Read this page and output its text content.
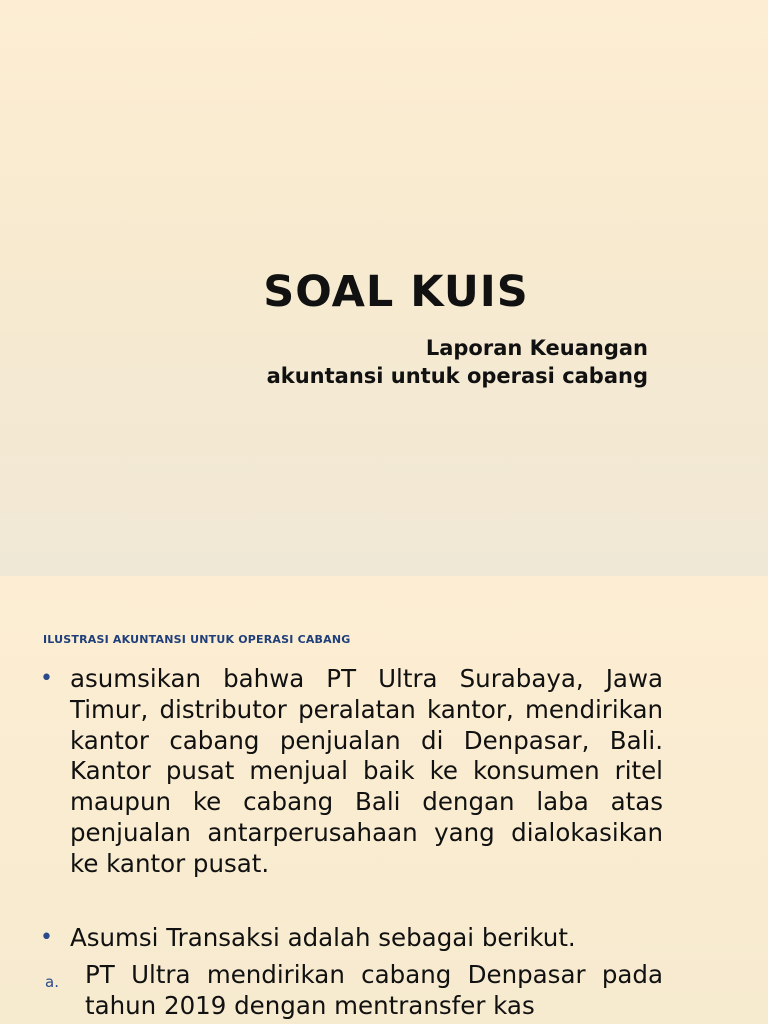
SOAL KUIS
Laporan Keuangan
akuntansi untuk operasi cabang
ILUSTRASI AKUNTANSI UNTUK OPERASI CABANG
• asumsikan bahwa PT Ultra Surabaya, Jawa Timur, distributor peralatan kantor, mendirikan kantor cabang penjualan di Denpasar, Bali. Kantor pusat menjual baik ke konsumen ritel maupun ke cabang Bali dengan laba atas penjualan antarperusahaan yang dialokasikan ke kantor pusat.
• Asumsi Transaksi adalah sebagai berikut.
a. PT Ultra mendirikan cabang Denpasar pada tahun 2019 dengan mentransfer kas
